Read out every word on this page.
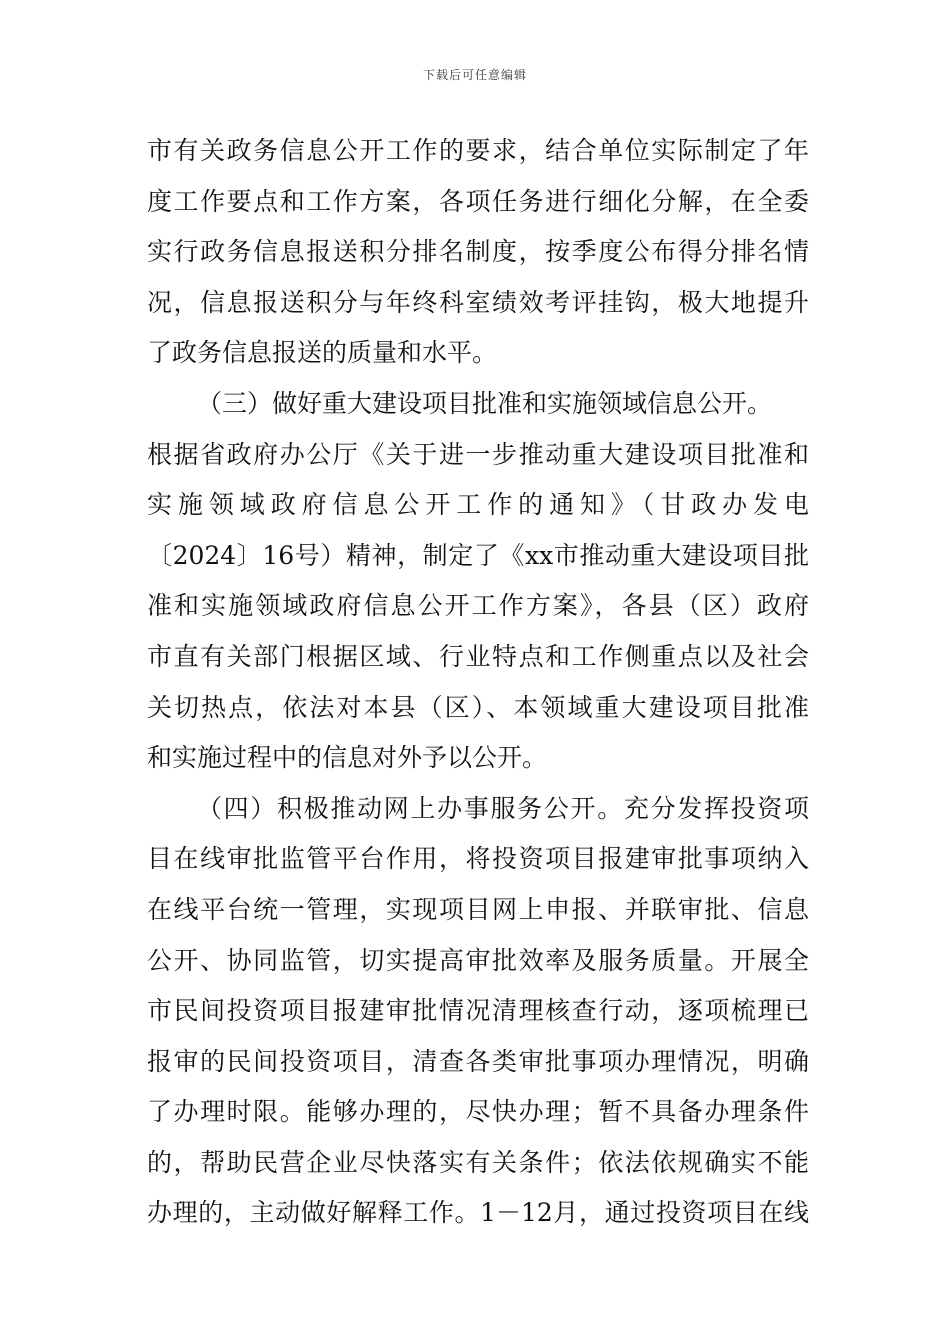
下载后可任意编辑
市有关政务信息公开工作的要求，结合单位实际制定了年
度工作要点和工作方案，各项任务进行细化分解，在全委
实行政务信息报送积分排名制度，按季度公布得分排名情
况，信息报送积分与年终科室绩效考评挂钩，极大地提升
了政务信息报送的质量和水平。
（三）做好重大建设项目批准和实施领域信息公开。
根据省政府办公厅《关于进一步推动重大建设项目批准和
实施领域政府信息公开工作的通知》（甘政办发电
〔2024〕16号）精神，制定了《xx市推动重大建设项目批
准和实施领域政府信息公开工作方案》，各县（区）政府
市直有关部门根据区域、行业特点和工作侧重点以及社会
关切热点，依法对本县（区）、本领域重大建设项目批准
和实施过程中的信息对外予以公开。
（四）积极推动网上办事服务公开。充分发挥投资项
目在线审批监管平台作用，将投资项目报建审批事项纳入
在线平台统一管理，实现项目网上申报、并联审批、信息
公开、协同监管，切实提高审批效率及服务质量。开展全
市民间投资项目报建审批情况清理核查行动，逐项梳理已
报审的民间投资项目，清查各类审批事项办理情况，明确
了办理时限。能够办理的，尽快办理；暂不具备办理条件
的，帮助民营企业尽快落实有关条件；依法依规确实不能
办理的，主动做好解释工作。1－12月，通过投资项目在线
